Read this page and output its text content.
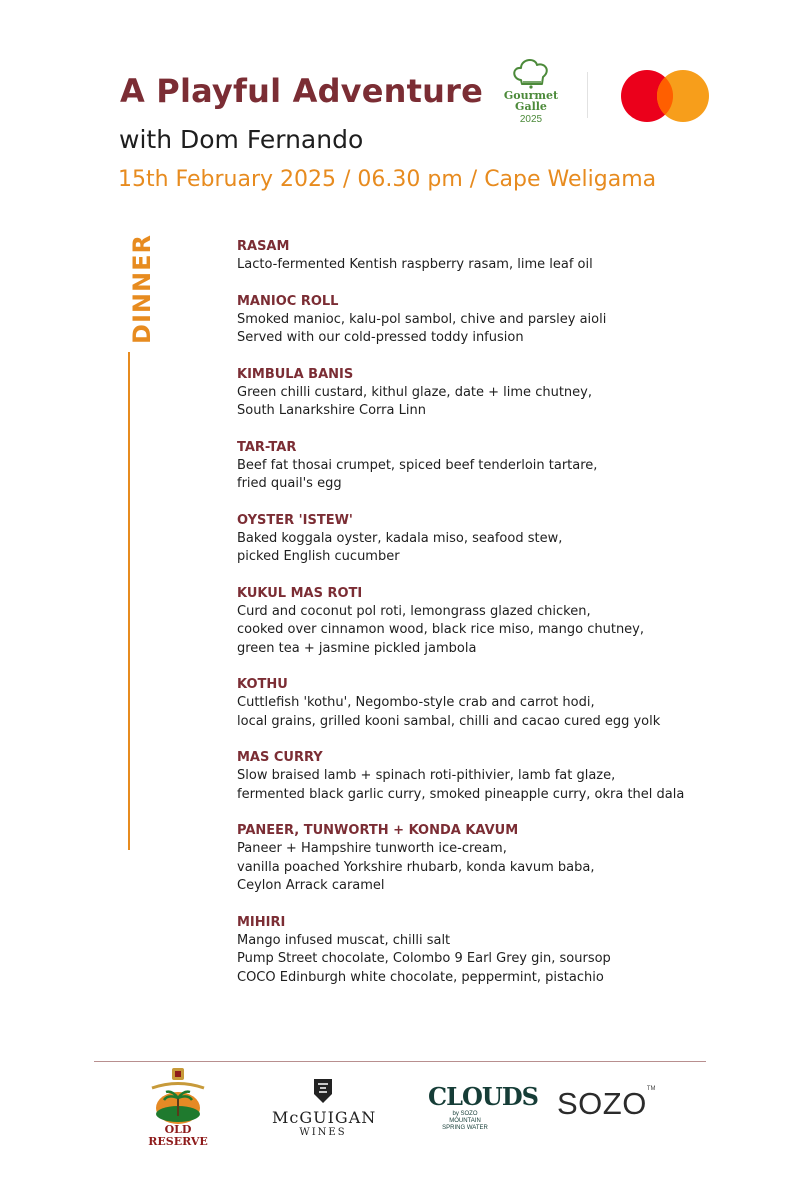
A Playful Adventure
with Dom Fernando
15th February 2025 / 06.30 pm / Cape Weligama
Gourmet
Galle
2025
DINNER	RASAM
Lacto-fermented Kentish raspberry rasam, lime leaf oil
MANIOC ROLL
Smoked manioc, kalu-pol sambol, chive and parsley aioli
Served with our cold-pressed toddy infusion
KIMBULA BANIS
Green chilli custard, kithul glaze, date + lime chutney,
South Lanarkshire Corra Linn
TAR-TAR
Beef fat thosai crumpet, spiced beef tenderloin tartare,
fried quail's egg
OYSTER 'ISTEW'
Baked koggala oyster, kadala miso, seafood stew,
picked English cucumber
KUKUL MAS ROTI
Curd and coconut pol roti, lemongrass glazed chicken,
cooked over cinnamon wood, black rice miso, mango chutney,
green tea + jasmine pickled jambola
KOTHU
Cuttlefish 'kothu', Negombo-style crab and carrot hodi,
local grains, grilled kooni sambal, chilli and cacao cured egg yolk
MAS CURRY
Slow braised lamb + spinach roti-pithivier, lamb fat glaze,
fermented black garlic curry, smoked pineapple curry, okra thel dala
PANEER, TUNWORTH + KONDA KAVUM
Paneer + Hampshire tunworth ice-cream,
vanilla poached Yorkshire rhubarb, konda kavum baba,
Ceylon Arrack caramel
MIHIRI
Mango infused muscat, chilli salt
Pump Street chocolate, Colombo 9 Earl Grey gin, soursop
COCO Edinburgh white chocolate, peppermint, pistachio
OLD RESERVE
McGUIGAN
WINES
CLOUDS
by SOZO
MOUNTAIN
SPRING WATER
SOZO™
